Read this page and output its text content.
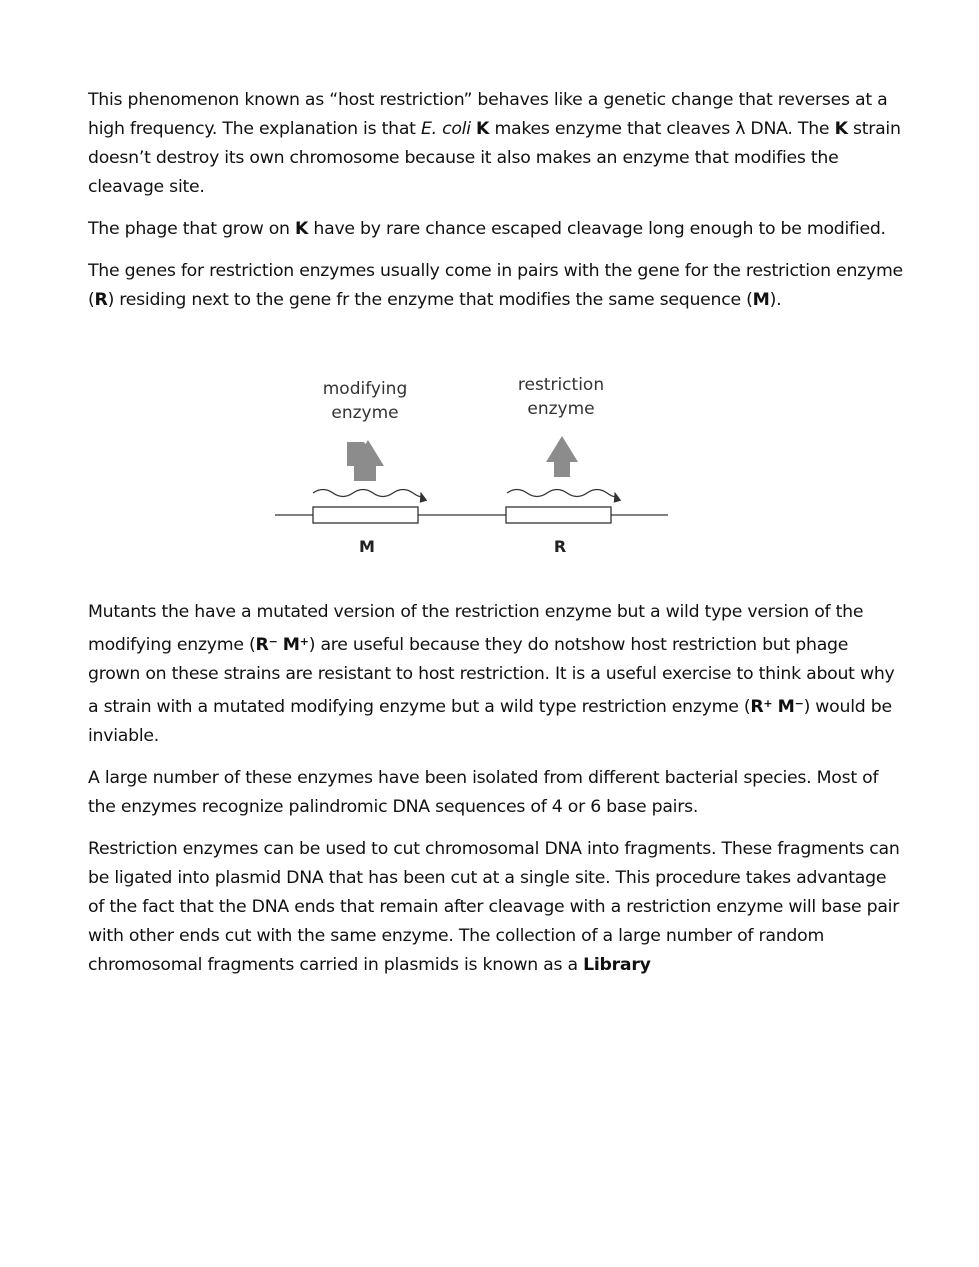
This phenomenon known as “host restriction” behaves like a genetic change that reverses at a high frequency. The explanation is that E. coli K makes enzyme that cleaves λ DNA. The K strain doesn’t destroy its own chromosome because it also makes an enzyme that modifies the cleavage site.

The phage that grow on K have by rare chance escaped cleavage long enough to be modified.

The genes for restriction enzymes usually come in pairs with the gene for the restriction enzyme (R) residing next to the gene fr the enzyme that modifies the same sequence (M).

modifying
enzyme
restriction
enzyme
M	R

Mutants the have a mutated version of the restriction enzyme but a wild type version of the modifying enzyme (R− M+) are useful because they do notshow host restriction but phage grown on these strains are resistant to host restriction. It is a useful exercise to think about why a strain with a mutated modifying enzyme but a wild type restriction enzyme (R+ M−) would be inviable.

A large number of these enzymes have been isolated from different bacterial species. Most of the enzymes recognize palindromic DNA sequences of 4 or 6 base pairs.

Restriction enzymes can be used to cut chromosomal DNA into fragments. These fragments can be ligated into plasmid DNA that has been cut at a single site. This procedure takes advantage of the fact that the DNA ends that remain after cleavage with a restriction enzyme will base pair with other ends cut with the same enzyme. The collection of a large number of random chromosomal fragments carried in plasmids is known as a Library
